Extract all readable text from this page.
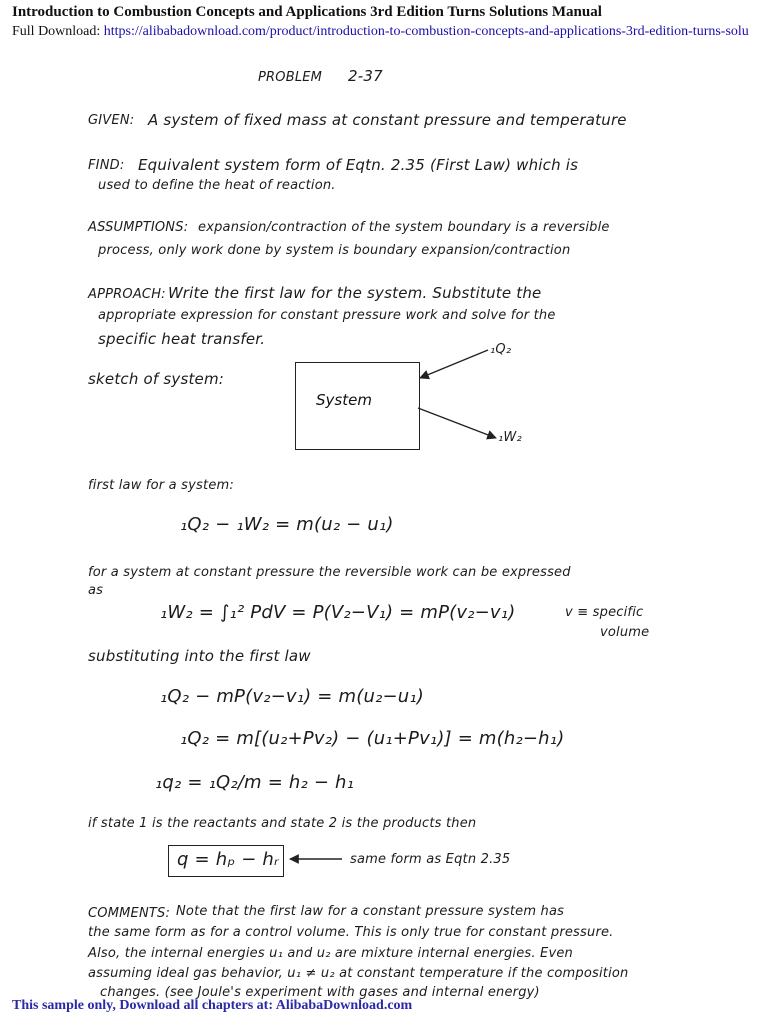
Introduction to Combustion Concepts and Applications 3rd Edition Turns Solutions Manual
Full Download: https://alibabadownload.com/product/introduction-to-combustion-concepts-and-applications-3rd-edition-turns-solu
PROBLEM 2-37
GIVEN: A system of fixed mass at constant pressure and temperature
FIND: Equivalent system form of Eqtn. 2.35 (First Law) which is
used to define the heat of reaction.
ASSUMPTIONS: expansion/contraction of the system boundary is a reversible
process, only work done by system is boundary expansion/contraction
APPROACH: Write the first law for the system. Substitute the
appropriate expression for constant pressure work and solve for the
specific heat transfer.
sketch of system:
System
₁Q₂
₁W₂
first law for a system:
₁Q₂ − ₁W₂ = m(u₂ − u₁)
for a system at constant pressure the reversible work can be expressed
as
₁W₂ = ∫₁² PdV = P(V₂−V₁) = mP(v₂−v₁)	v ≡ specific
volume
substituting into the first law
₁Q₂ − mP(v₂−v₁) = m(u₂−u₁)
₁Q₂ = m[(u₂+Pv₂) − (u₁+Pv₁)] = m(h₂−h₁)
₁q₂ = ₁Q₂/m = h₂ − h₁
if state 1 is the reactants and state 2 is the products then
q = hₚ − hᵣ	same form as Eqtn 2.35
COMMENTS: Note that the first law for a constant pressure system has
the same form as for a control volume. This is only true for constant pressure.
Also, the internal energies u₁ and u₂ are mixture internal energies. Even
assuming ideal gas behavior, u₁ ≠ u₂ at constant temperature if the composition
changes. (see Joule's experiment with gases and internal energy)
This sample only, Download all chapters at: AlibabaDownload.com
